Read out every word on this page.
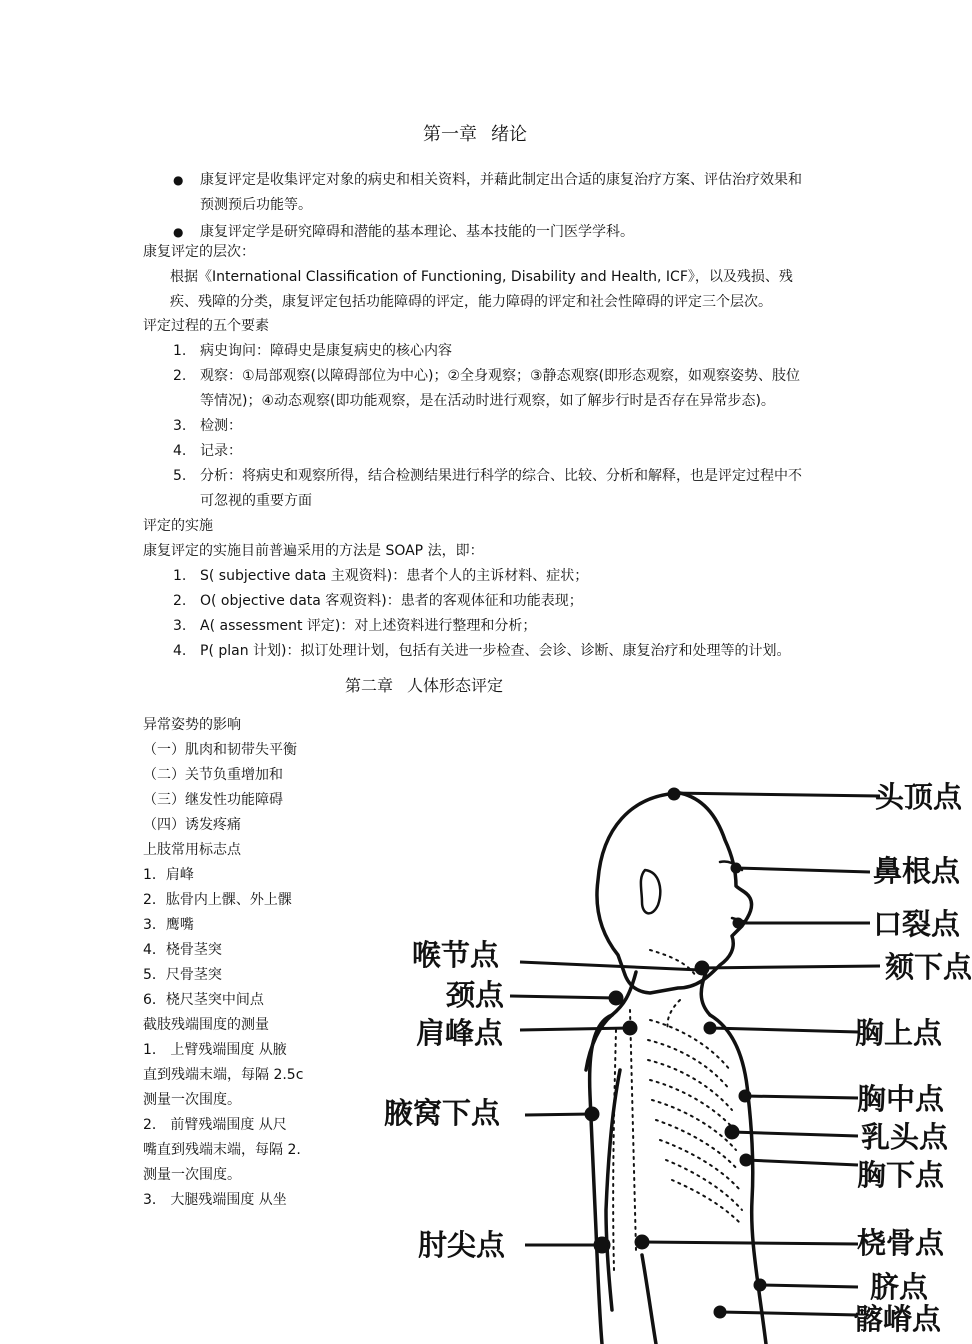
第一章 绪论
● 康复评定是收集评定对象的病史和相关资料，并藉此制定出合适的康复治疗方案、评估治疗效果和预测预后功能等。
● 康复评定学是研究障碍和潜能的基本理论、基本技能的一门医学学科。
康复评定的层次：
根据《International Classification of Functioning, Disability and Health, ICF》，以及残损、残疾、残障的分类，康复评定包括功能障碍的评定，能力障碍的评定和社会性障碍的评定三个层次。
评定过程的五个要素
1. 病史询问：障碍史是康复病史的核心内容
2. 观察：①局部观察(以障碍部位为中心)；②全身观察；③静态观察(即形态观察，如观察姿势、肢位等情况)；④动态观察(即功能观察，是在活动时进行观察，如了解步行时是否存在异常步态)。
3. 检测：
4. 记录：
5. 分析：将病史和观察所得，结合检测结果进行科学的综合、比较、分析和解释，也是评定过程中不可忽视的重要方面
评定的实施
康复评定的实施目前普遍采用的方法是 SOAP 法，即：
1. S( subjective data 主观资料)：患者个人的主诉材料、症状；
2. O( objective data 客观资料)：患者的客观体征和功能表现；
3. A( assessment 评定)：对上述资料进行整理和分析；
4. P( plan 计划)：拟订处理计划，包括有关进一步检查、会诊、诊断、康复治疗和处理等的计划。
第二章 人体形态评定
异常姿势的影响
（一）肌肉和韧带失平衡
（二）关节负重增加和
（三）继发性功能障碍
（四）诱发疼痛
上肢常用标志点
1．肩峰
2．肱骨内上髁、外上髁
3．鹰嘴
4．桡骨茎突
5．尺骨茎突
6．桡尺茎突中间点
截肢残端围度的测量
1． 上臂残端围度 从腋
直到残端末端，每隔 2.5c
测量一次围度。
2． 前臂残端围度 从尺
嘴直到残端末端，每隔 2.
测量一次围度。
3． 大腿残端围度 从坐
头顶点
鼻根点
口裂点
喉节点	颏下点
颈点
肩峰点	胸上点
腋窝下点	胸中点
乳头点
胸下点
肘尖点	桡骨点
脐点
髂嵴点
